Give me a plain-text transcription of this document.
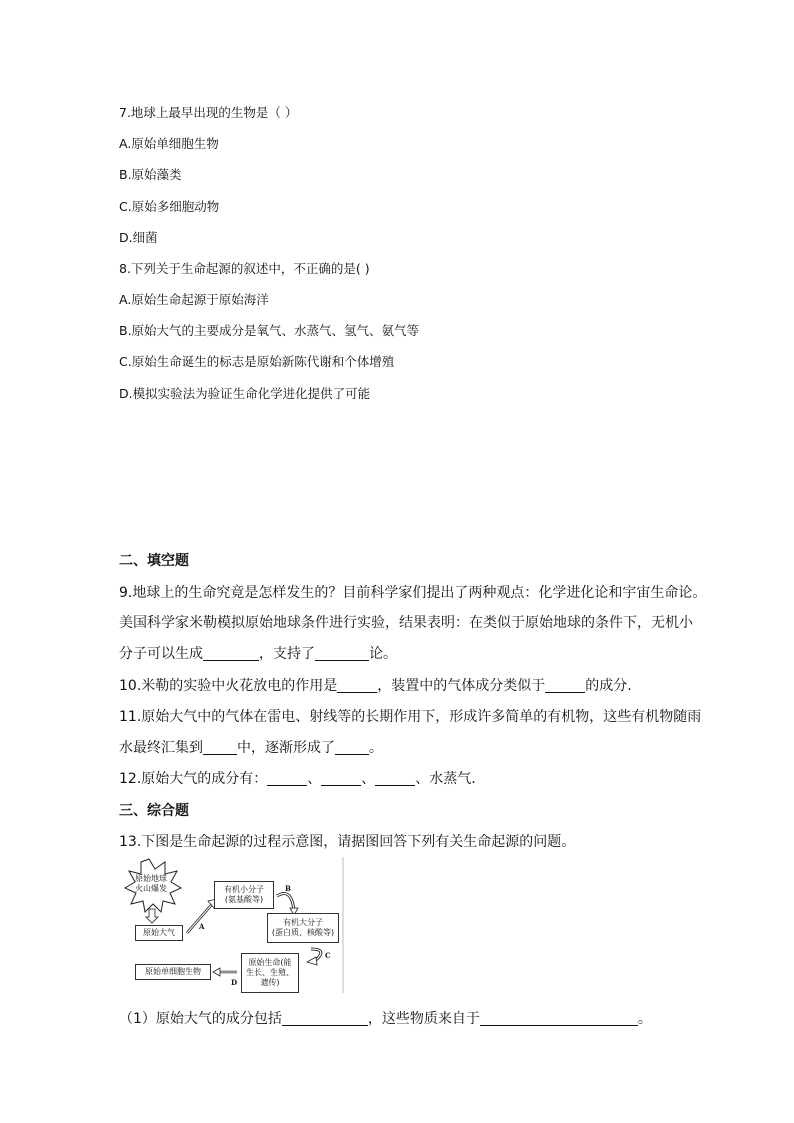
7.地球上最早出现的生物是（ ）
A.原始单细胞生物
B.原始藻类
C.原始多细胞动物
D.细菌
8.下列关于生命起源的叙述中，不正确的是( )
A.原始生命起源于原始海洋
B.原始大气的主要成分是氧气、水蒸气、氢气、氨气等
C.原始生命诞生的标志是原始新陈代谢和个体增殖
D.模拟实验法为验证生命化学进化提供了可能
二、填空题
9.地球上的生命究竟是怎样发生的？目前科学家们提出了两种观点：化学进化论和宇宙生命论。
美国科学家米勒模拟原始地球条件进行实验，结果表明：在类似于原始地球的条件下，无机小
分子可以生成	，支持了	论。
10.米勒的实验中火花放电的作用是	，装置中的气体成分类似于	的成分.
11.原始大气中的气体在雷电、射线等的长期作用下，形成许多简单的有机物，这些有机物随雨
水最终汇集到 中，逐渐形成了 。
12.原始大气的成分有：	、	、	、水蒸气.
三、综合题
13.下图是生命起源的过程示意图，请据图回答下列有关生命起源的问题。
原始地球
火山爆发
原始大气
有机小分子
(氨基酸等)
有机大分子
(蛋白质、核酸等)
原始生命(能
生长、生殖、
遗传)
原始单细胞生物
A
B
C
D
（1）原始大气的成分包括	，这些物质来自于	。
